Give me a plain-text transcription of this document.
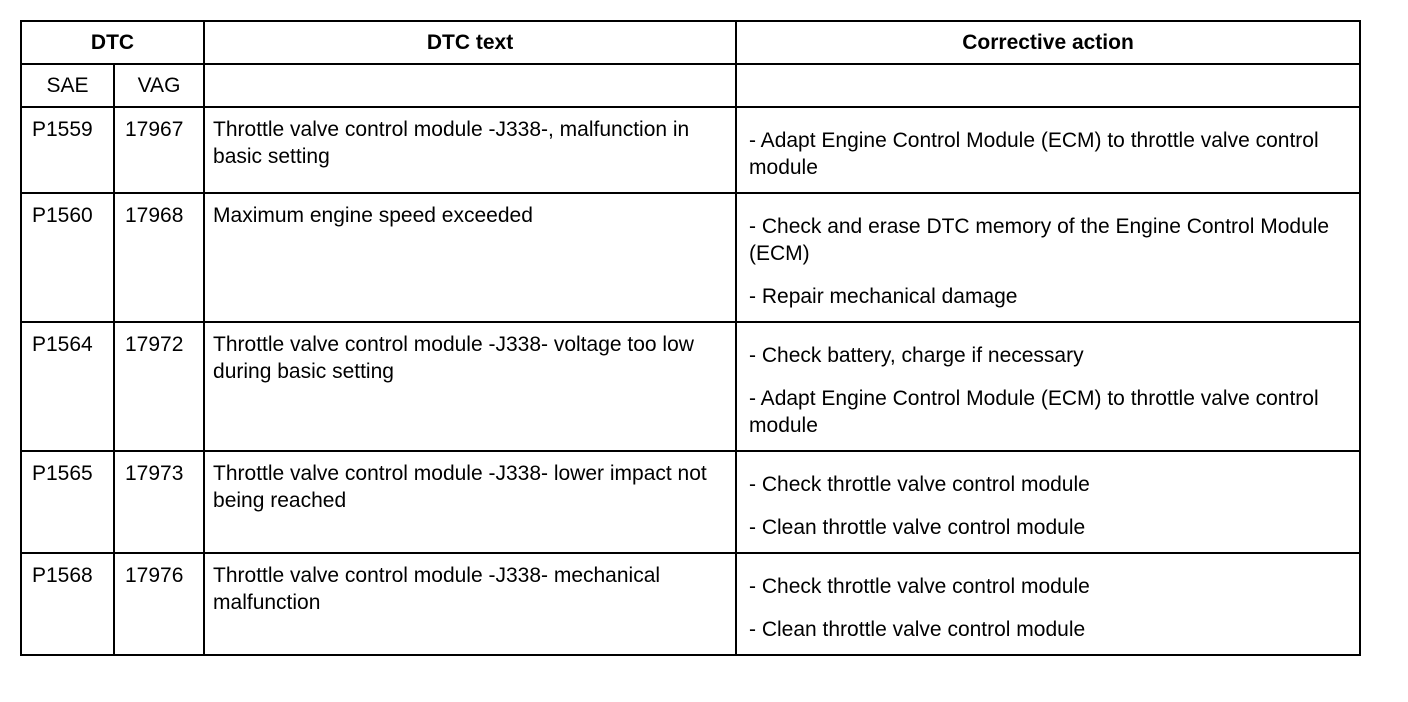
DTC		DTC text	Corrective action
SAE	VAG		
P1559	17967	Throttle valve control module -J338-, malfunction in basic setting	- Adapt Engine Control Module (ECM) to throttle valve control module

P1560	17968	Maximum engine speed exceeded	- Check and erase DTC memory of the Engine Control Module (ECM)
- Repair mechanical damage

P1564	17972	Throttle valve control module -J338- voltage too low during basic setting	- Check battery, charge if necessary
- Adapt Engine Control Module (ECM) to throttle valve control module

P1565	17973	Throttle valve control module -J338- lower impact not being reached	- Check throttle valve control module
- Clean throttle valve control module

P1568	17976	Throttle valve control module -J338- mechanical malfunction	- Check throttle valve control module
- Clean throttle valve control module
